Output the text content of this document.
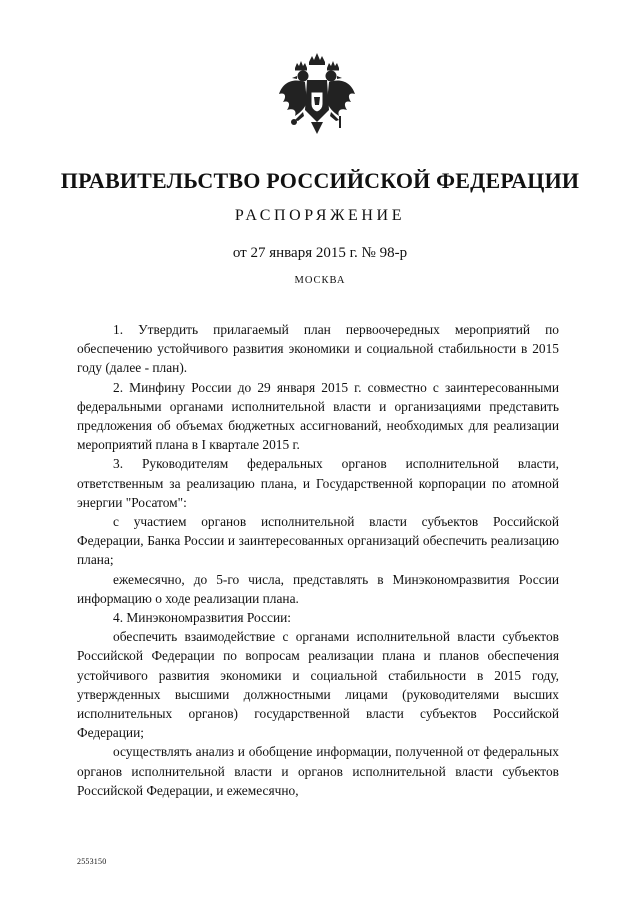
ПРАВИТЕЛЬСТВО РОССИЙСКОЙ ФЕДЕРАЦИИ
РАСПОРЯЖЕНИЕ
от 27 января 2015 г. № 98-р
МОСКВА

1. Утвердить прилагаемый план первоочередных мероприятий по обеспечению устойчивого развития экономики и социальной стабильности в 2015 году (далее - план).

2. Минфину России до 29 января 2015 г. совместно с заинтересованными федеральными органами исполнительной власти и организациями представить предложения об объемах бюджетных ассигнований, необходимых для реализации мероприятий плана в I квартале 2015 г.

3. Руководителям федеральных органов исполнительной власти, ответственным за реализацию плана, и Государственной корпорации по атомной энергии "Росатом":

с участием органов исполнительной власти субъектов Российской Федерации, Банка России и заинтересованных организаций обеспечить реализацию плана;

ежемесячно, до 5-го числа, представлять в Минэкономразвития России информацию о ходе реализации плана.

4. Минэкономразвития России:

обеспечить взаимодействие с органами исполнительной власти субъектов Российской Федерации по вопросам реализации плана и планов обеспечения устойчивого развития экономики и социальной стабильности в 2015 году, утвержденных высшими должностными лицами (руководителями высших исполнительных органов) государственной власти субъектов Российской Федерации;

осуществлять анализ и обобщение информации, полученной от федеральных органов исполнительной власти и органов исполнительной власти субъектов Российской Федерации, и ежемесячно,

2553150
